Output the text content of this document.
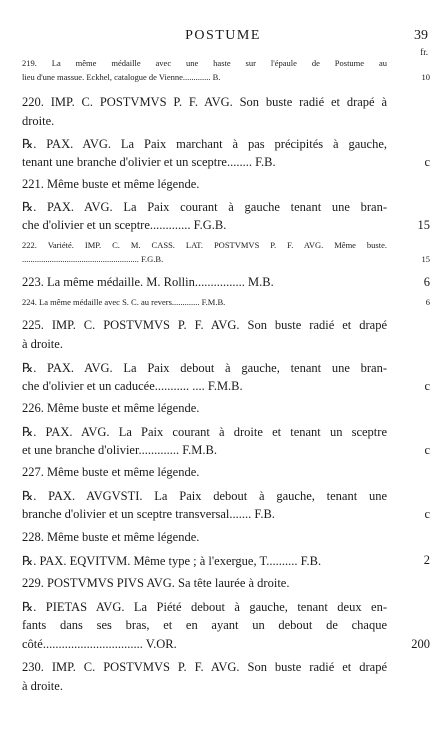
POSTUME	39
fr.
219. La même médaille avec une haste sur l'épaule de Postume au
lieu d'une massue. Eckhel, catalogue de Vienne............. B.	10
220. IMP. C. POSTVMVS P. F. AVG. Son buste radié et drapé à
droite.
℞. PAX. AVG. La Paix marchant à pas précipités à gauche,
tenant une branche d'olivier et un sceptre........ F.B.	c
221. Même buste et même légende.
℞. PAX. AVG. La Paix courant à gauche tenant une bran-
che d'olivier et un sceptre............. F.G.B.	15
222. Variété. IMP. C. M. CASS. LAT. POSTVMVS P. F. AVG. Même buste.
....................................................... F.G.B.	15
223. La même médaille. M. Rollin................ M.B.	6
224. La même médaille avec S. C. au revers............. F.M.B.	6
225. IMP. C. POSTVMVS P. F. AVG. Son buste radié et drapé
à droite.
℞. PAX. AVG. La Paix debout à gauche, tenant une bran-
che d'olivier et un caducée........... .... F.M.B.	c
226. Même buste et même légende.
℞. PAX. AVG. La Paix courant à droite et tenant un sceptre
et une branche d'olivier............. F.M.B.	c
227. Même buste et même légende.
℞. PAX. AVGVSTI. La Paix debout à gauche, tenant une
branche d'olivier et un sceptre transversal....... F.B.	c
228. Même buste et même légende.
℞. PAX. EQVITVM. Même type ; à l'exergue, T.......... F.B.	2
229. POSTVMVS PIVS AVG. Sa tête laurée à droite.
℞. PIETAS AVG. La Piété debout à gauche, tenant deux en-
fants dans ses bras, et en ayant un debout de chaque
côté................................ V.OR.	200
230. IMP. C. POSTVMVS P. F. AVG. Son buste radié et drapé
à droite.
